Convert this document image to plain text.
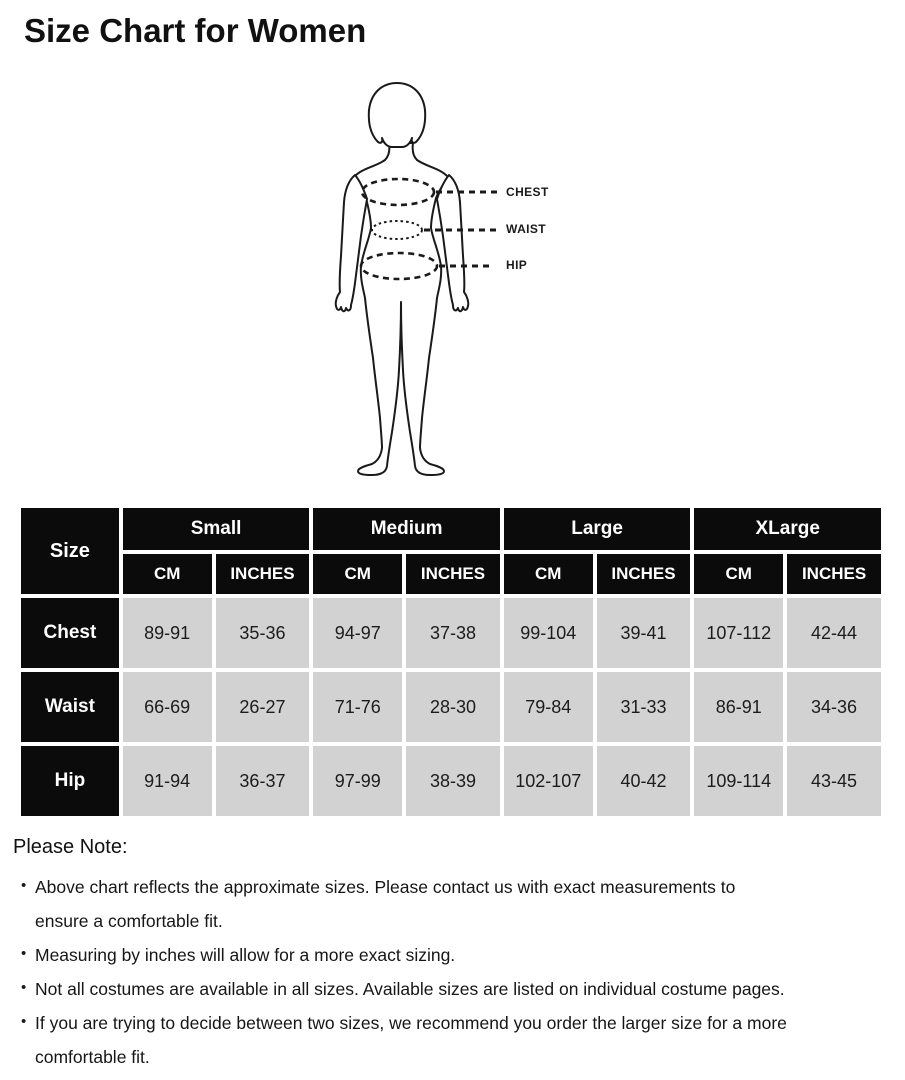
Size Chart for Women
CHEST
WAIST
HIP
Size	Small		Medium		Large		XLarge	
	CM	INCHES	CM	INCHES	CM	INCHES	CM	INCHES
Chest	89-91	35-36	94-97	37-38	99-104	39-41	107-112	42-44
Waist	66-69	26-27	71-76	28-30	79-84	31-33	86-91	34-36
Hip	91-94	36-37	97-99	38-39	102-107	40-42	109-114	43-45
Please Note:
• Above chart reflects the approximate sizes. Please contact us with exact measurements to
ensure a comfortable fit.
• Measuring by inches will allow for a more exact sizing.
• Not all costumes are available in all sizes. Available sizes are listed on individual costume pages.
• If you are trying to decide between two sizes, we recommend you order the larger size for a more
comfortable fit.
